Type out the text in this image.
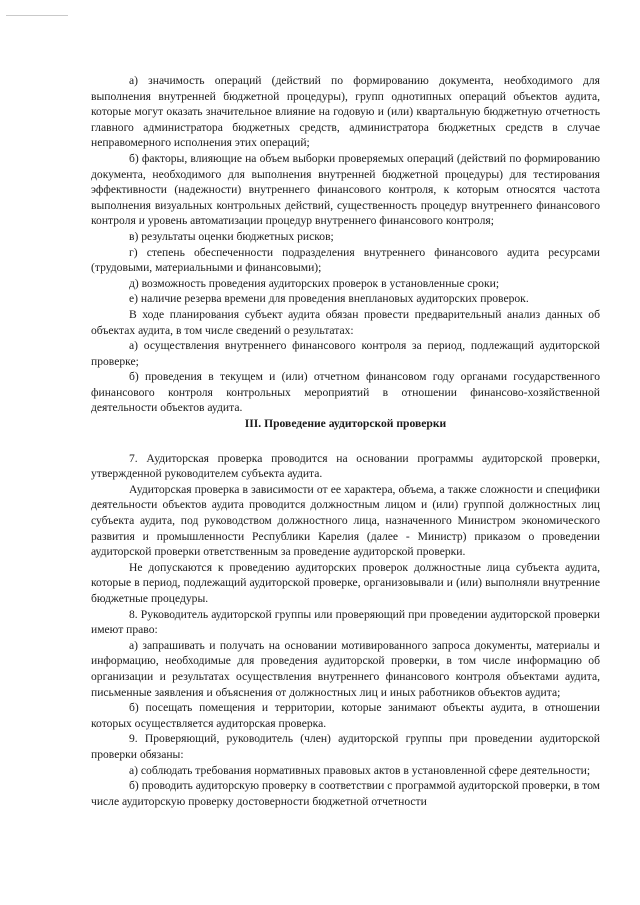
а) значимость операций (действий по формированию документа, необходимого для выполнения внутренней бюджетной процедуры), групп однотипных операций объектов аудита, которые могут оказать значительное влияние на годовую и (или) квартальную бюджетную отчетность главного администратора бюджетных средств, администратора бюджетных средств в случае неправомерного исполнения этих операций;

б) факторы, влияющие на объем выборки проверяемых операций (действий по формированию документа, необходимого для выполнения внутренней бюджетной процедуры) для тестирования эффективности (надежности) внутреннего финансового контроля, к которым относятся частота выполнения визуальных контрольных действий, существенность процедур внутреннего финансового контроля и уровень автоматизации процедур внутреннего финансового контроля;

в) результаты оценки бюджетных рисков;

г) степень обеспеченности подразделения внутреннего финансового аудита ресурсами (трудовыми, материальными и финансовыми);

д) возможность проведения аудиторских проверок в установленные сроки;

е) наличие резерва времени для проведения внеплановых аудиторских проверок.

В ходе планирования субъект аудита обязан провести предварительный анализ данных об объектах аудита, в том числе сведений о результатах:

а) осуществления внутреннего финансового контроля за период, подлежащий аудиторской проверке;

б) проведения в текущем и (или) отчетном финансовом году органами государственного финансового контроля контрольных мероприятий в отношении финансово-хозяйственной деятельности объектов аудита.

III. Проведение аудиторской проверки

7. Аудиторская проверка проводится на основании программы аудиторской проверки, утвержденной руководителем субъекта аудита.

Аудиторская проверка в зависимости от ее характера, объема, а также сложности и специфики деятельности объектов аудита проводится должностным лицом и (или) группой должностных лиц субъекта аудита, под руководством должностного лица, назначенного Министром экономического развития и промышленности Республики Карелия (далее - Министр) приказом о проведении аудиторской проверки ответственным за проведение аудиторской проверки.

Не допускаются к проведению аудиторских проверок должностные лица субъекта аудита, которые в период, подлежащий аудиторской проверке, организовывали и (или) выполняли внутренние бюджетные процедуры.

8. Руководитель аудиторской группы или проверяющий при проведении аудиторской проверки имеют право:

а) запрашивать и получать на основании мотивированного запроса документы, материалы и информацию, необходимые для проведения аудиторской проверки, в том числе информацию об организации и результатах осуществления внутреннего финансового контроля объектами аудита, письменные заявления и объяснения от должностных лиц и иных работников объектов аудита;

б) посещать помещения и территории, которые занимают объекты аудита, в отношении которых осуществляется аудиторская проверка.

9. Проверяющий, руководитель (член) аудиторской группы при проведении аудиторской проверки обязаны:

а) соблюдать требования нормативных правовых актов в установленной сфере деятельности;

б) проводить аудиторскую проверку в соответствии с программой аудиторской проверки, в том числе аудиторскую проверку достоверности бюджетной отчетности
